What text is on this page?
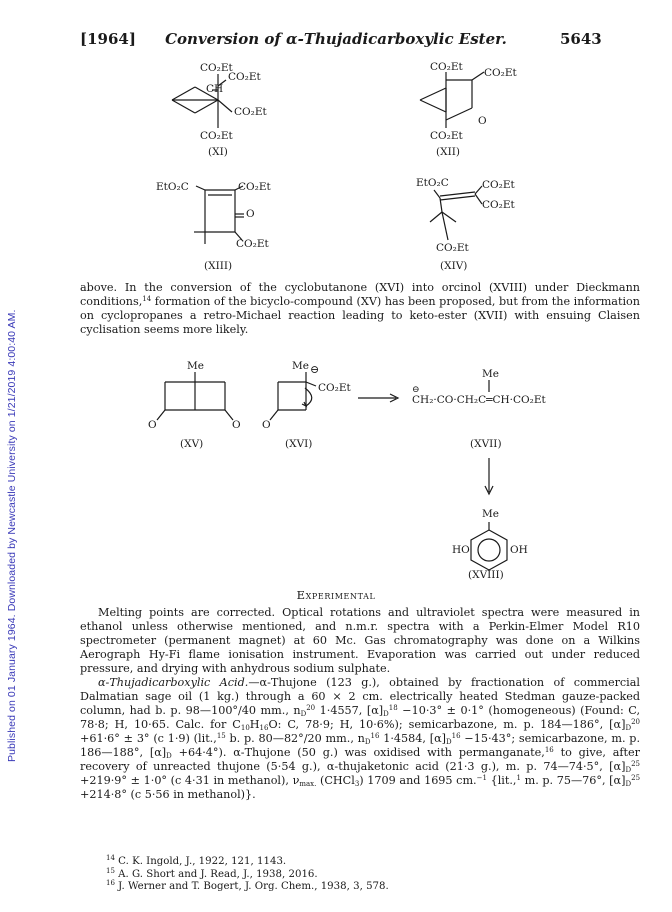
Published on 01 January 1964. Downloaded by Newcastle University on 1/21/2019 4:00:40 AM.
[1964]	Conversion of α-Thujadicarboxylic Ester.	5643
CO₂Et
CO₂Et
CH
CO₂Et
CO₂Et
(XI)
CO₂Et CO₂Et
O
CO₂Et
(XII)
EtO₂C	CO₂Et
O
CO₂Et
(XIII)
EtO₂C	CO₂Et
CO₂Et
CO₂Et
(XIV)
above. In the conversion of the cyclobutanone (XVI) into orcinol (XVIII) under Dieckmann conditions,$^{14}$ formation of the bicyclo-compound (XV) has been proposed, but from the information on cyclopropanes a retro-Michael reaction leading to keto-ester (XVII) with ensuing Claisen cyclisation seems more likely.
Me
O	O
(XV)
Me ⊖
CO₂Et
O
(XVI)
Me
⊖
CH₂·CO·CH₂C═CH·CO₂Et
(XVII)
Me
HO	OH
(XVIII)
Experimental
Melting points are corrected. Optical rotations and ultraviolet spectra were measured in ethanol unless otherwise mentioned, and n.m.r. spectra with a Perkin-Elmer Model R10 spectrometer (permanent magnet) at 60 Mc. Gas chromatography was done on a Wilkins Aerograph Hy-Fi flame ionisation instrument. Evaporation was carried out under reduced pressure, and drying with anhydrous sodium sulphate.
α-Thujadicarboxylic Acid.—α-Thujone (123 g.), obtained by fractionation of commercial Dalmatian sage oil (1 kg.) through a 60 × 2 cm. electrically heated Stedman gauze-packed column, had b. p. 98—100°/40 mm., $n_D^{20}$ 1·4557, $[\alpha]_D^{18} -10\cdot 3^\circ \pm 0\cdot 1^\circ$ (homogeneous) (Found: C, 78·8; H, 10·65. Calc. for $C_{10}H_{16}O$: C, 78·9; H, 10·6%); semicarbazone, m. p. 184—186°, $[\alpha]_D^{20} +61\cdot 6^\circ \pm 3^\circ$ (c 1·9) (lit.,$^{15}$ b. p. 80—82°/20 mm., $n_D^{16}$ 1·4584, $[\alpha]_D^{16} -15\cdot 43^\circ$; semicarbazone, m. p. 186—188°, $[\alpha]_D +64\cdot 4^\circ$). α-Thujone (50 g.) was oxidised with permanganate,$^{16}$ to give, after recovery of unreacted thujone (5·54 g.), α-thujaketonic acid (21·3 g.), m. p. 74—74·5°, $[\alpha]_D^{25} +219\cdot 9^\circ \pm 1\cdot 0^\circ$ (c 4·31 in methanol), $\nu_{max.}$ (CHCl$_3$) 1709 and 1695 cm.$^{-1}$ {lit.,$^1$ m. p. 75—76°, $[\alpha]_D^{25} +214\cdot 8^\circ$ (c 5·56 in methanol)}.
$^{14}$ C. K. Ingold, J., 1922, 121, 1143.
$^{15}$ A. G. Short and J. Read, J., 1938, 2016.
$^{16}$ J. Werner and T. Bogert, J. Org. Chem., 1938, 3, 578.
